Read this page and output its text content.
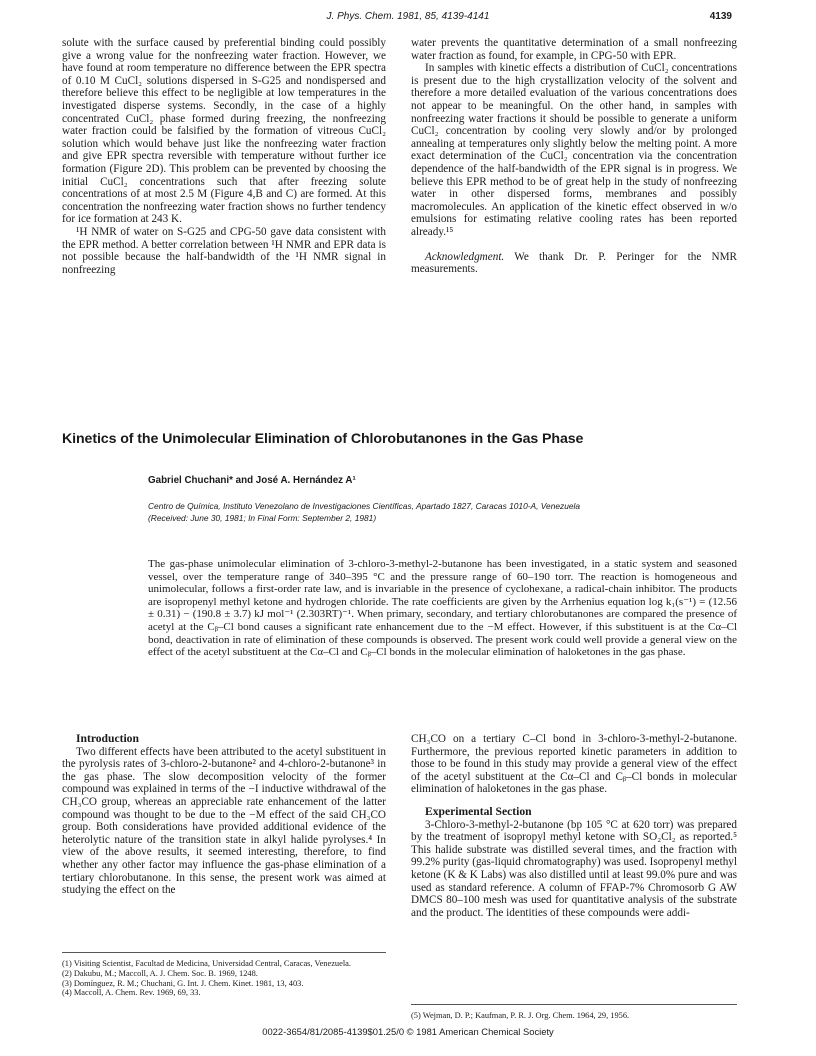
J. Phys. Chem. 1981, 85, 4139-4141	4139

solute with the surface caused by preferential binding could possibly give a wrong value for the nonfreezing water fraction. However, we have found at room temperature no difference between the EPR spectra of 0.10 M CuCl₂ solutions dispersed in S-G25 and nondispersed and therefore believe this effect to be negligible at low temperatures in the investigated disperse systems. Secondly, in the case of a highly concentrated CuCl₂ phase formed during freezing, the nonfreezing water fraction could be falsified by the formation of vitreous CuCl₂ solution which would behave just like the nonfreezing water fraction and give EPR spectra reversible with temperature without further ice formation (Figure 2D). This problem can be prevented by choosing the initial CuCl₂ concentrations such that after freezing solute concentrations of at most 2.5 M (Figure 4,B and C) are formed. At this concentration the nonfreezing water fraction shows no further tendency for ice formation at 243 K.

¹H NMR of water on S-G25 and CPG-50 gave data consistent with the EPR method. A better correlation between ¹H NMR and EPR data is not possible because the half-bandwidth of the ¹H NMR signal in nonfreezing

water prevents the quantitative determination of a small nonfreezing water fraction as found, for example, in CPG-50 with EPR.

In samples with kinetic effects a distribution of CuCl₂ concentrations is present due to the high crystallization velocity of the solvent and therefore a more detailed evaluation of the various concentrations does not appear to be meaningful. On the other hand, in samples with nonfreezing water fractions it should be possible to generate a uniform CuCl₂ concentration by cooling very slowly and/or by prolonged annealing at temperatures only slightly below the melting point. A more exact determination of the CuCl₂ concentration via the concentration dependence of the half-bandwidth of the EPR signal is in progress. We believe this EPR method to be of great help in the study of nonfreezing water in other dispersed forms, membranes and possibly macromolecules. An application of the kinetic effect observed in w/o emulsions for estimating relative cooling rates has been reported already.¹⁵

Acknowledgment. We thank Dr. P. Peringer for the NMR measurements.

Kinetics of the Unimolecular Elimination of Chlorobutanones in the Gas Phase
Gabriel Chuchani* and José A. Hernández A¹
Centro de Química, Instituto Venezolano de Investigaciones Científicas, Apartado 1827, Caracas 1010-A, Venezuela
(Received: June 30, 1981; In Final Form: September 2, 1981)

The gas-phase unimolecular elimination of 3-chloro-3-methyl-2-butanone has been investigated, in a static system and seasoned vessel, over the temperature range of 340–395 °C and the pressure range of 60–190 torr. The reaction is homogeneous and unimolecular, follows a first-order rate law, and is invariable in the presence of cyclohexane, a radical-chain inhibitor. The products are isopropenyl methyl ketone and hydrogen chloride. The rate coefficients are given by the Arrhenius equation log k₁(s⁻¹) = (12.56 ± 0.31) − (190.8 ± 3.7) kJ mol⁻¹ (2.303RT)⁻¹. When primary, secondary, and tertiary chlorobutanones are compared the presence of acetyl at the Cᵦ–Cl bond causes a significant rate enhancement due to the −M effect. However, if this substituent is at the Cα–Cl bond, deactivation in rate of elimination of these compounds is observed. The present work could well provide a general view on the effect of the acetyl substituent at the Cα–Cl and Cᵦ–Cl bonds in the molecular elimination of haloketones in the gas phase.

Introduction

Two different effects have been attributed to the acetyl substituent in the pyrolysis rates of 3-chloro-2-butanone² and 4-chloro-2-butanone³ in the gas phase. The slow decomposition velocity of the former compound was explained in terms of the −I inductive withdrawal of the CH₃CO group, whereas an appreciable rate enhancement of the latter compound was thought to be due to the −M effect of the said CH₃CO group. Both considerations have provided additional evidence of the heterolytic nature of the transition state in alkyl halide pyrolyses.⁴ In view of the above results, it seemed interesting, therefore, to find whether any other factor may influence the gas-phase elimination of a tertiary chlorobutanone. In this sense, the present work was aimed at studying the effect on the

CH₃CO on a tertiary C–Cl bond in 3-chloro-3-methyl-2-butanone. Furthermore, the previous reported kinetic parameters in addition to those to be found in this study may provide a general view of the effect of the acetyl substituent at the Cα–Cl and Cᵦ–Cl bonds in molecular elimination of haloketones in the gas phase.

Experimental Section

3-Chloro-3-methyl-2-butanone (bp 105 °C at 620 torr) was prepared by the treatment of isopropyl methyl ketone with SO₂Cl₂ as reported.⁵ This halide substrate was distilled several times, and the fraction with 99.2% purity (gas-liquid chromatography) was used. Isopropenyl methyl ketone (K & K Labs) was also distilled until at least 99.0% pure and was used as standard reference. A column of FFAP-7% Chromosorb G AW DMCS 80–100 mesh was used for quantitative analysis of the substrate and the product. The identities of these compounds were addi-

(1) Visiting Scientist, Facultad de Medicina, Universidad Central, Caracas, Venezuela.

(2) Dakubu, M.; Maccoll, A. J. Chem. Soc. B. 1969, 1248.

(3) Domínguez, R. M.; Chuchani, G. Int. J. Chem. Kinet. 1981, 13, 403.

(4) Maccoll, A. Chem. Rev. 1969, 69, 33.

(5) Wejman, D. P.; Kaufman, P. R. J. Org. Chem. 1964, 29, 1956.

0022-3654/81/2085-4139$01.25/0 © 1981 American Chemical Society
